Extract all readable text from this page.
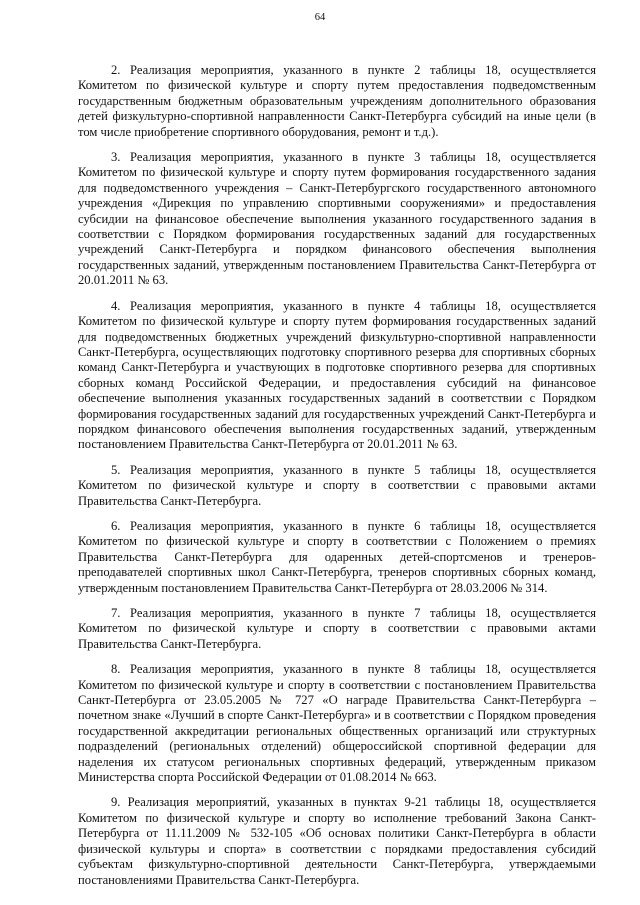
64

2. Реализация мероприятия, указанного в пункте 2 таблицы 18, осуществляется Комитетом по физической культуре и спорту путем предоставления подведомственным государственным бюджетным образовательным учреждениям дополнительного образования детей физкультурно-спортивной направленности Санкт-Петербурга субсидий на иные цели (в том числе приобретение спортивного оборудования, ремонт и т.д.).

3. Реализация мероприятия, указанного в пункте 3 таблицы 18, осуществляется Комитетом по физической культуре и спорту путем формирования государственного задания для подведомственного учреждения – Санкт-Петербургского государственного автономного учреждения «Дирекция по управлению спортивными сооружениями» и предоставления субсидии на финансовое обеспечение выполнения указанного государственного задания в соответствии с Порядком формирования государственных заданий для государственных учреждений Санкт-Петербурга и порядком финансового обеспечения выполнения государственных заданий, утвержденным постановлением Правительства Санкт-Петербурга от 20.01.2011 № 63.

4. Реализация мероприятия, указанного в пункте 4 таблицы 18, осуществляется Комитетом по физической культуре и спорту путем формирования государственных заданий для подведомственных бюджетных учреждений физкультурно-спортивной направленности Санкт-Петербурга, осуществляющих подготовку спортивного резерва для спортивных сборных команд Санкт-Петербурга и участвующих в подготовке спортивного резерва для спортивных сборных команд Российской Федерации, и предоставления субсидий на финансовое обеспечение выполнения указанных государственных заданий в соответствии с Порядком формирования государственных заданий для государственных учреждений Санкт-Петербурга и порядком финансового обеспечения выполнения государственных заданий, утвержденным постановлением Правительства Санкт-Петербурга от 20.01.2011 № 63.

5. Реализация мероприятия, указанного в пункте 5 таблицы 18, осуществляется Комитетом по физической культуре и спорту в соответствии с правовыми актами Правительства Санкт-Петербурга.

6. Реализация мероприятия, указанного в пункте 6 таблицы 18, осуществляется Комитетом по физической культуре и спорту в соответствии с Положением о премиях Правительства Санкт-Петербурга для одаренных детей-спортсменов и тренеров-преподавателей спортивных школ Санкт-Петербурга, тренеров спортивных сборных команд, утвержденным постановлением Правительства Санкт-Петербурга от 28.03.2006 № 314.

7. Реализация мероприятия, указанного в пункте 7 таблицы 18, осуществляется Комитетом по физической культуре и спорту в соответствии с правовыми актами Правительства Санкт-Петербурга.

8. Реализация мероприятия, указанного в пункте 8 таблицы 18, осуществляется Комитетом по физической культуре и спорту в соответствии с постановлением Правительства Санкт-Петербурга от 23.05.2005 № 727 «О награде Правительства Санкт-Петербурга – почетном знаке «Лучший в спорте Санкт-Петербурга» и в соответствии с Порядком проведения государственной аккредитации региональных общественных организаций или структурных подразделений (региональных отделений) общероссийской спортивной федерации для наделения их статусом региональных спортивных федераций, утвержденным приказом Министерства спорта Российской Федерации от 01.08.2014 № 663.

9. Реализация мероприятий, указанных в пунктах 9-21 таблицы 18, осуществляется Комитетом по физической культуре и спорту во исполнение требований Закона Санкт-Петербурга от 11.11.2009 № 532-105 «Об основах политики Санкт-Петербурга в области физической культуры и спорта» в соответствии с порядками предоставления субсидий субъектам физкультурно-спортивной деятельности Санкт-Петербурга, утверждаемыми постановлениями Правительства Санкт-Петербурга.
